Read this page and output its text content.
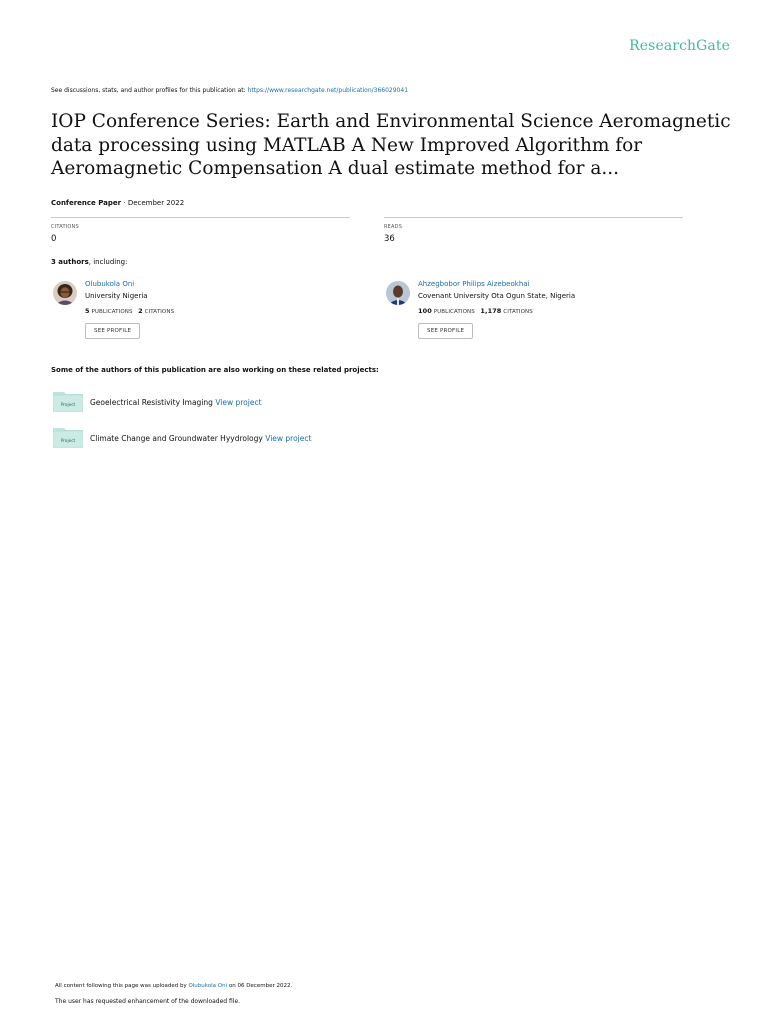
ResearchGate
See discussions, stats, and author profiles for this publication at: https://www.researchgate.net/publication/366029041
IOP Conference Series: Earth and Environmental Science Aeromagnetic data processing using MATLAB A New Improved Algorithm for Aeromagnetic Compensation A dual estimate method for a...
Conference Paper · December 2022
CITATIONS
0
READS
36
3 authors, including:
Olubukola Oni
University Nigeria
5 PUBLICATIONS 2 CITATIONS
SEE PROFILE
Ahzegbobor Philips Aizebeokhai
Covenant University Ota Ogun State, Nigeria
100 PUBLICATIONS 1,178 CITATIONS
SEE PROFILE
Some of the authors of this publication are also working on these related projects:
Project Geoelectrical Resistivity Imaging View project
Project Climate Change and Groundwater Hyydrology View project
All content following this page was uploaded by Olubukola Oni on 06 December 2022.
The user has requested enhancement of the downloaded file.
